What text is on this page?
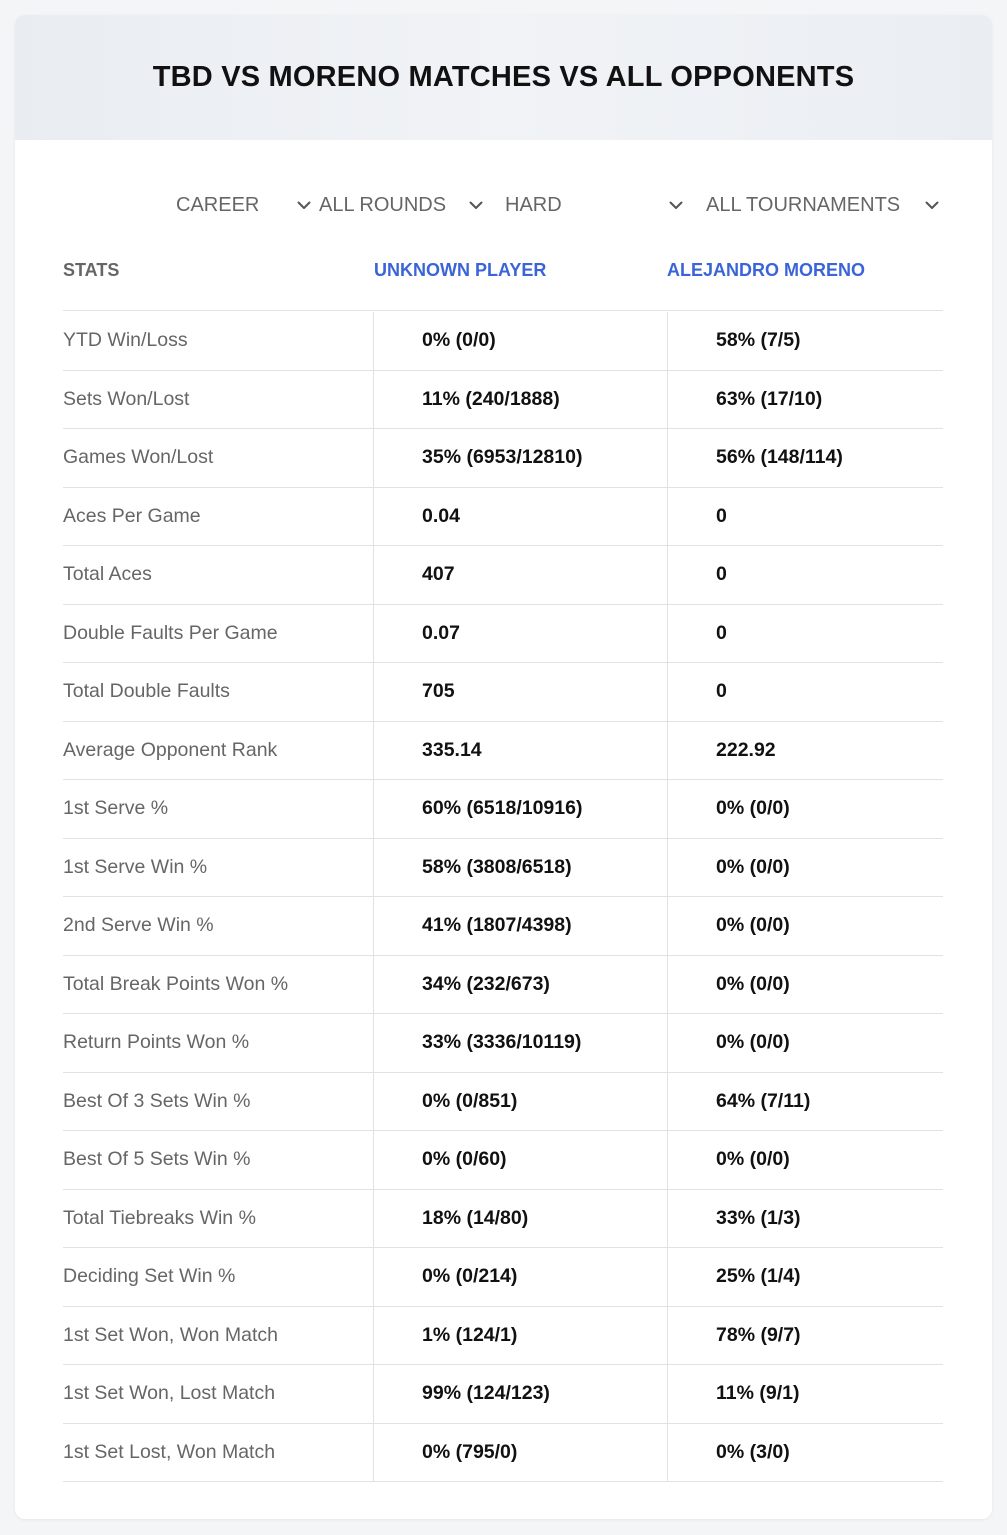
TBD VS MORENO MATCHES VS ALL OPPONENTS
CAREER	ALL ROUNDS	HARD	ALL TOURNAMENTS
STATS	UNKNOWN PLAYER	ALEJANDRO MORENO
YTD Win/Loss	0% (0/0)	58% (7/5)
Sets Won/Lost	11% (240/1888)	63% (17/10)
Games Won/Lost	35% (6953/12810)	56% (148/114)
Aces Per Game	0.04	0
Total Aces	407	0
Double Faults Per Game	0.07	0
Total Double Faults	705	0
Average Opponent Rank	335.14	222.92
1st Serve %	60% (6518/10916)	0% (0/0)
1st Serve Win %	58% (3808/6518)	0% (0/0)
2nd Serve Win %	41% (1807/4398)	0% (0/0)
Total Break Points Won %	34% (232/673)	0% (0/0)
Return Points Won %	33% (3336/10119)	0% (0/0)
Best Of 3 Sets Win %	0% (0/851)	64% (7/11)
Best Of 5 Sets Win %	0% (0/60)	0% (0/0)
Total Tiebreaks Win %	18% (14/80)	33% (1/3)
Deciding Set Win %	0% (0/214)	25% (1/4)
1st Set Won, Won Match	1% (124/1)	78% (9/7)
1st Set Won, Lost Match	99% (124/123)	11% (9/1)
1st Set Lost, Won Match	0% (795/0)	0% (3/0)
